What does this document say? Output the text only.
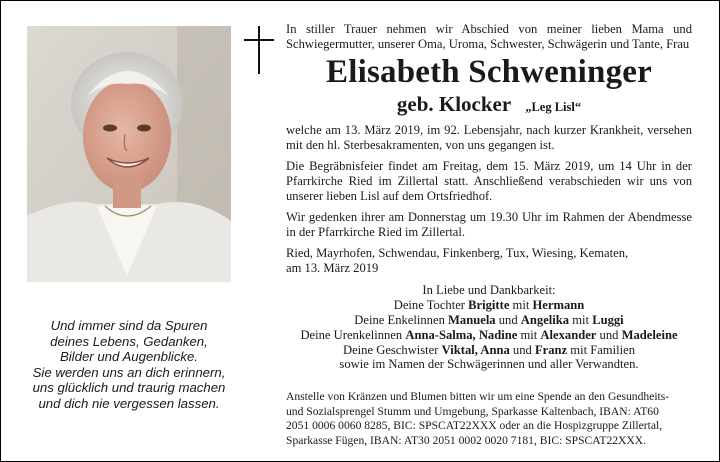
Und immer sind da Spuren
deines Lebens, Gedanken,
Bilder und Augenblicke.
Sie werden uns an dich erinnern,
uns glücklich und traurig machen
und dich nie vergessen lassen.

In stiller Trauer nehmen wir Abschied von meiner lieben Mama und Schwiegermutter, unserer Oma, Uroma, Schwester, Schwägerin und Tante, Frau

Elisabeth Schweninger

geb. Klocker „Leg Lisl“

welche am 13. März 2019, im 92. Lebensjahr, nach kurzer Krankheit, versehen mit den hl. Sterbesakramenten, von uns gegangen ist.

Die Begräbnisfeier findet am Freitag, dem 15. März 2019, um 14 Uhr in der Pfarrkirche Ried im Zillertal statt. Anschließend verabschieden wir uns von unserer lieben Lisl auf dem Ortsfriedhof.

Wir gedenken ihrer am Donnerstag um 19.30 Uhr im Rahmen der Abendmesse in der Pfarrkirche Ried im Zillertal.

Ried, Mayrhofen, Schwendau, Finkenberg, Tux, Wiesing, Kematen,

am 13. März 2019

In Liebe und Dankbarkeit:
Deine Tochter Brigitte mit Hermann
Deine Enkelinnen Manuela und Angelika mit Luggi
Deine Urenkelinnen Anna-Salma, Nadine mit Alexander und Madeleine
Deine Geschwister Viktal, Anna und Franz mit Familien
sowie im Namen der Schwägerinnen und aller Verwandten.
Anstelle von Kränzen und Blumen bitten wir um eine Spende an den Gesundheits-
und Sozialsprengel Stumm und Umgebung, Sparkasse Kaltenbach, IBAN: AT60
2051 0006 0060 8285, BIC: SPSCAT22XXX oder an die Hospizgruppe Zillertal,
Sparkasse Fügen, IBAN: AT30 2051 0002 0020 7181, BIC: SPSCAT22XXX.
